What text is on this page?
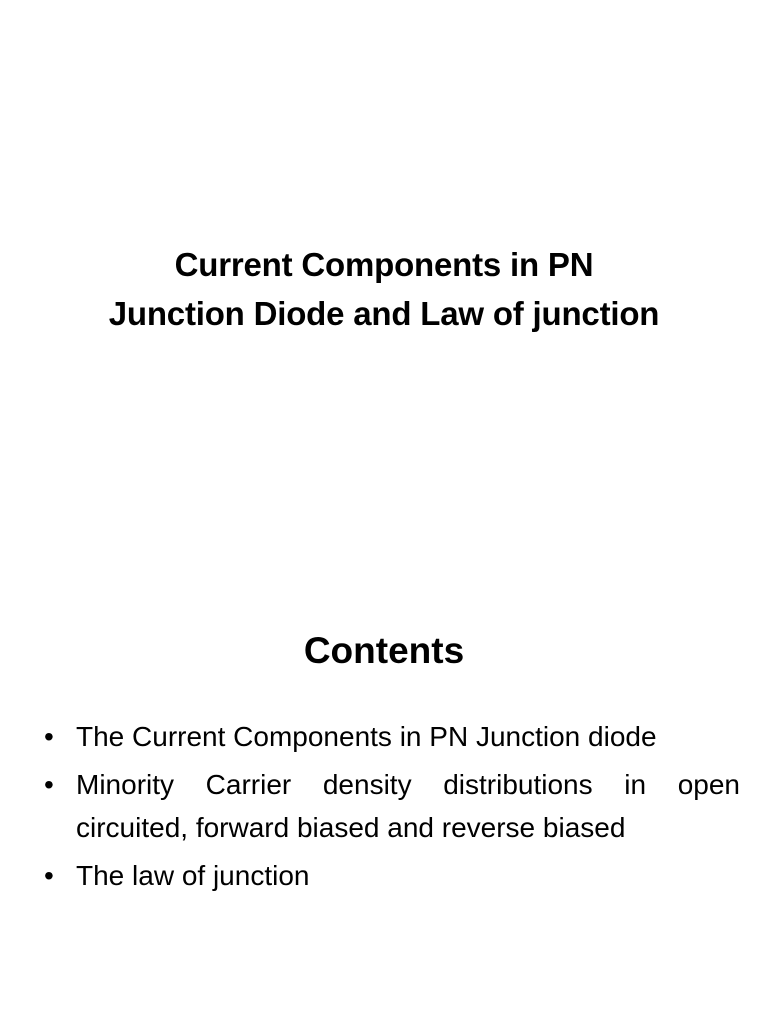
Current Components in PN
Junction Diode and Law of junction
Contents
• The Current Components in PN Junction diode
• Minority Carrier density distributions in open circuited, forward biased and reverse biased
• The law of junction
